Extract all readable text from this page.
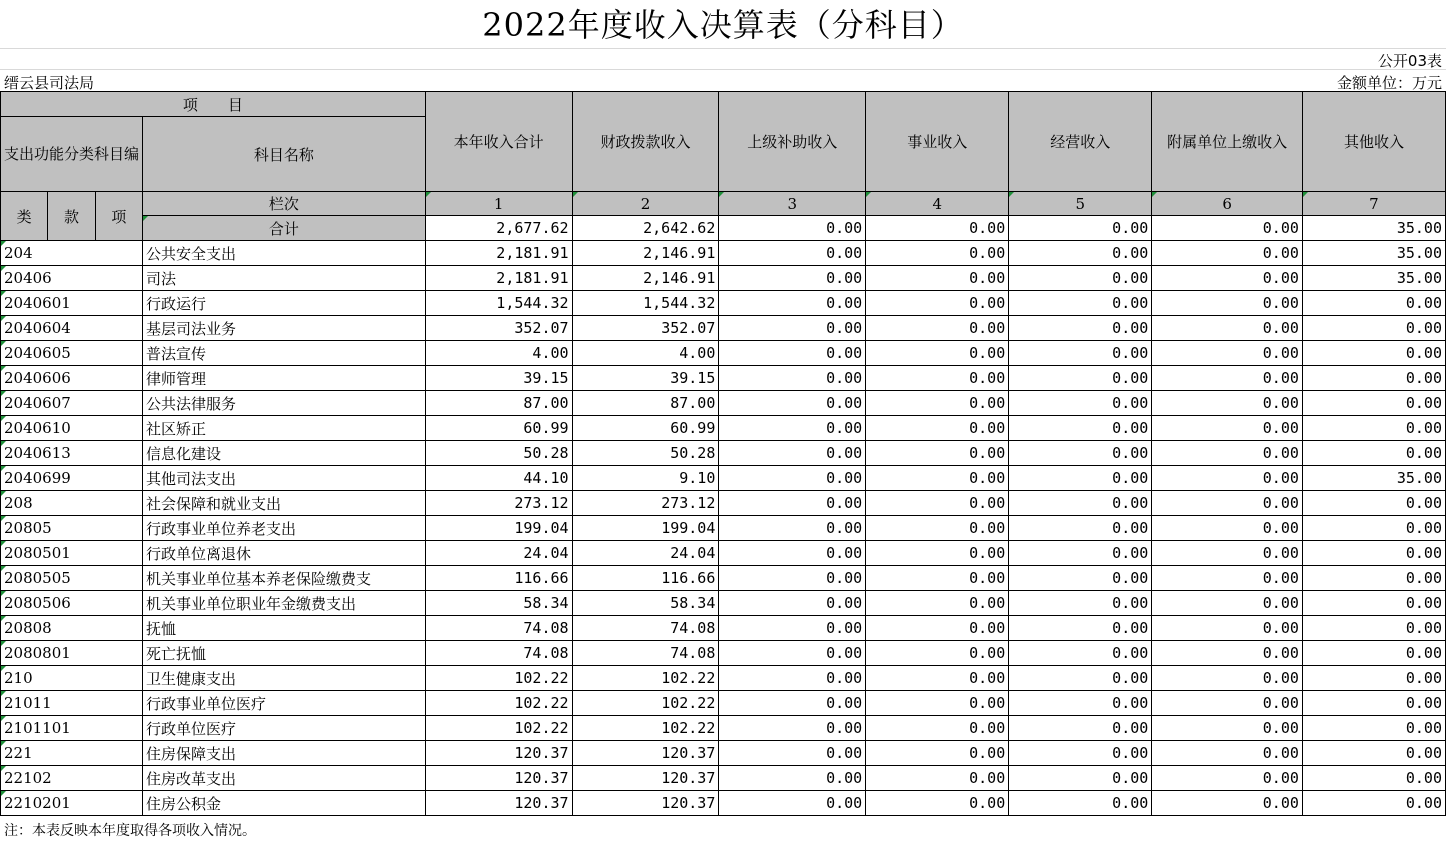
2022年度收入决算表（分科目）
公开03表
缙云县司法局	金额单位：万元
项　　目				本年收入合计	财政拨款收入	上级补助收入	事业收入	经营收入	附属单位上缴收入	其他收入
支出功能分类科目编			科目名称							

类	款	项	栏次	1	2	3	4	5	6	7
			合计	2,677.62	2,642.62	0.00	0.00	0.00	0.00	35.00
204			公共安全支出	2,181.91	2,146.91	0.00	0.00	0.00	0.00	35.00
20406			司法	2,181.91	2,146.91	0.00	0.00	0.00	0.00	35.00
2040601			行政运行	1,544.32	1,544.32	0.00	0.00	0.00	0.00	0.00
2040604			基层司法业务	352.07	352.07	0.00	0.00	0.00	0.00	0.00
2040605			普法宣传	4.00	4.00	0.00	0.00	0.00	0.00	0.00
2040606			律师管理	39.15	39.15	0.00	0.00	0.00	0.00	0.00
2040607			公共法律服务	87.00	87.00	0.00	0.00	0.00	0.00	0.00
2040610			社区矫正	60.99	60.99	0.00	0.00	0.00	0.00	0.00
2040613			信息化建设	50.28	50.28	0.00	0.00	0.00	0.00	0.00
2040699			其他司法支出	44.10	9.10	0.00	0.00	0.00	0.00	35.00
208			社会保障和就业支出	273.12	273.12	0.00	0.00	0.00	0.00	0.00
20805			行政事业单位养老支出	199.04	199.04	0.00	0.00	0.00	0.00	0.00
2080501			行政单位离退休	24.04	24.04	0.00	0.00	0.00	0.00	0.00
2080505			机关事业单位基本养老保险缴费支	116.66	116.66	0.00	0.00	0.00	0.00	0.00
2080506			机关事业单位职业年金缴费支出	58.34	58.34	0.00	0.00	0.00	0.00	0.00
20808			抚恤	74.08	74.08	0.00	0.00	0.00	0.00	0.00
2080801			死亡抚恤	74.08	74.08	0.00	0.00	0.00	0.00	0.00
210			卫生健康支出	102.22	102.22	0.00	0.00	0.00	0.00	0.00
21011			行政事业单位医疗	102.22	102.22	0.00	0.00	0.00	0.00	0.00
2101101			行政单位医疗	102.22	102.22	0.00	0.00	0.00	0.00	0.00
221			住房保障支出	120.37	120.37	0.00	0.00	0.00	0.00	0.00
22102			住房改革支出	120.37	120.37	0.00	0.00	0.00	0.00	0.00
2210201			住房公积金	120.37	120.37	0.00	0.00	0.00	0.00	0.00
注：本表反映本年度取得各项收入情况。
